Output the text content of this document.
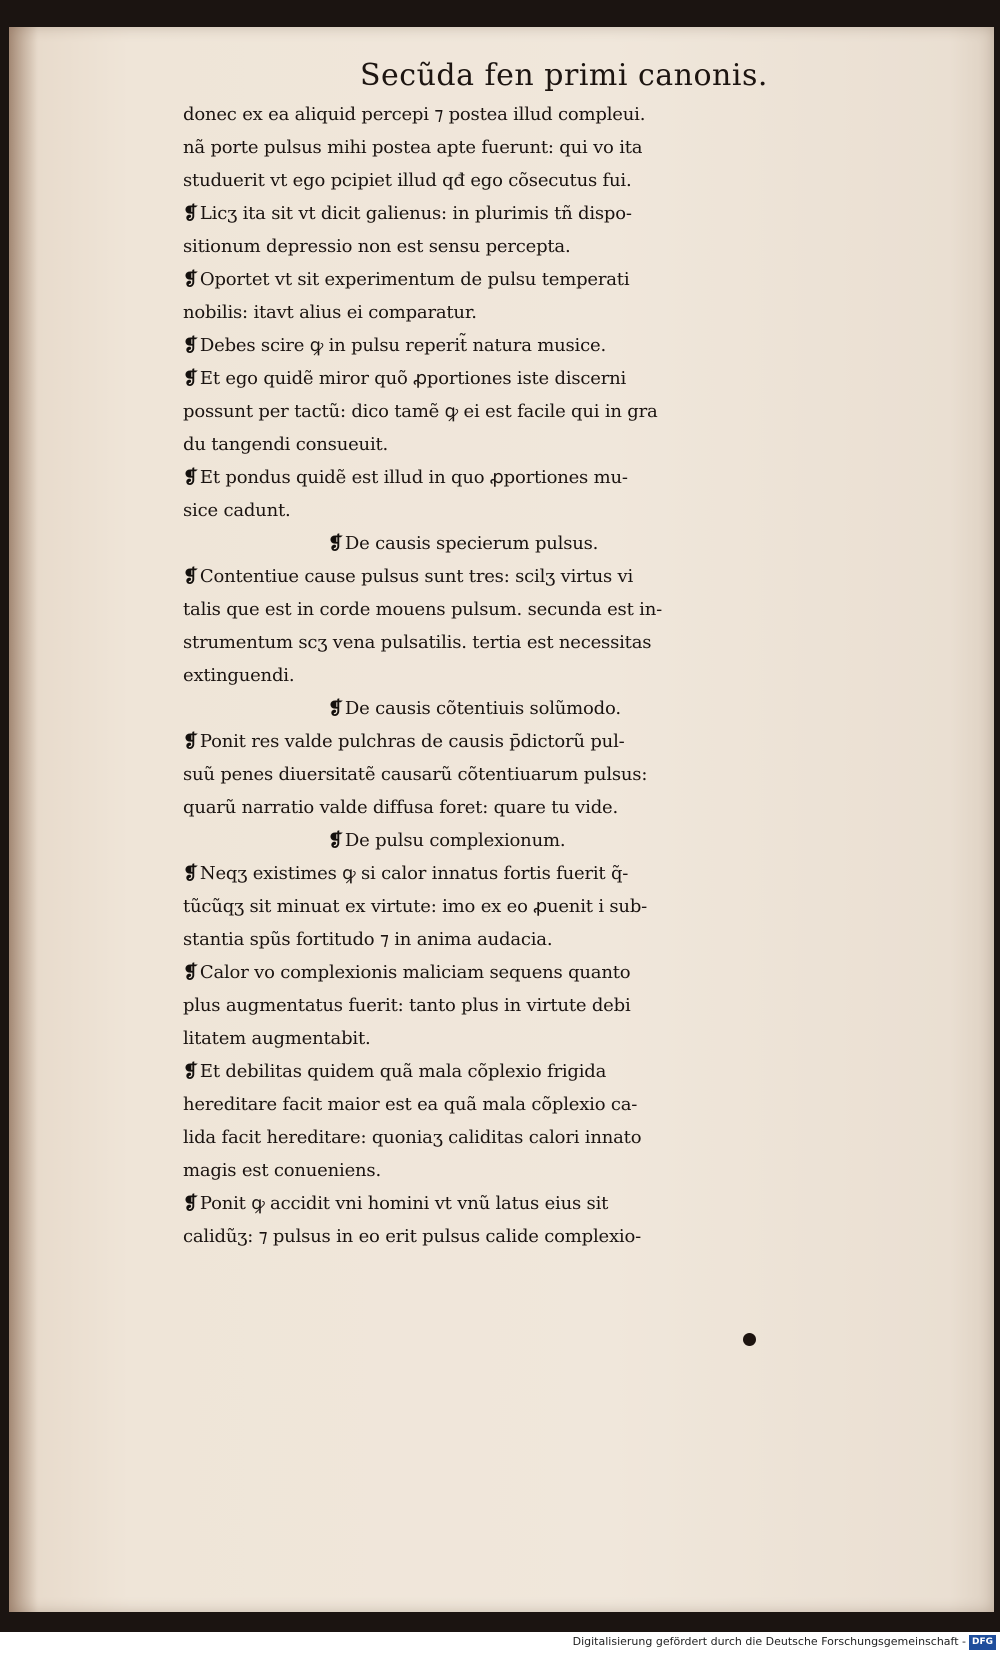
Secũda fen primi canonis.
donec ex ea aliquid percepi ⁊ postea illud compleui.
nã porte pulsus mihi postea apte fuerunt: qui vo ita
studuerit vt ego pcipiet illud qđ ego cõsecutus fui.
❡ Licʒ ita sit vt dicit galienus: in plurimis tñ dispo-
sitionum depressio non est sensu percepta.
❡ Oportet vt sit experimentum de pulsu temperati
nobilis: itavt alius ei comparatur.
❡ Debes scire ꝙ in pulsu reperit̃ natura musice.
❡ Et ego quidẽ miror quõ ꝓportiones iste discerni
possunt per tactũ: dico tamẽ ꝙ ei est facile qui in gra
du tangendi consueuit.
❡ Et pondus quidẽ est illud in quo ꝓportiones mu-
sice cadunt.
❡ De causis specierum pulsus.
❡ Contentiue cause pulsus sunt tres: scilʒ virtus vi
talis que est in corde mouens pulsum. secunda est in-
strumentum scʒ vena pulsatilis. tertia est necessitas
extinguendi.
❡ De causis cõtentiuis solũmodo.
❡ Ponit res valde pulchras de causis p̄dictorũ pul-
suũ penes diuersitatẽ causarũ cõtentiuarum pulsus:
quarũ narratio valde diffusa foret: quare tu vide.
❡ De pulsu complexionum.
❡ Neqʒ existimes ꝙ si calor innatus fortis fuerit q̃-
tũcũqʒ sit minuat ex virtute: imo ex eo ꝓuenit i sub-
stantia spũs fortitudo ⁊ in anima audacia.
❡ Calor vo complexionis maliciam sequens quanto
plus augmentatus fuerit: tanto plus in virtute debi
litatem augmentabit.
❡ Et debilitas quidem quã mala cõplexio frigida
hereditare facit maior est ea quã mala cõplexio ca-
lida facit hereditare: quoniaʒ caliditas calori innato
magis est conueniens.
❡ Ponit ꝙ accidit vni homini vt vnũ latus eius sit
calidũʒ: ⁊ pulsus in eo erit pulsus calide complexio-
Digitalisierung gefördert durch die Deutsche Forschungsgemeinschaft - DFG
